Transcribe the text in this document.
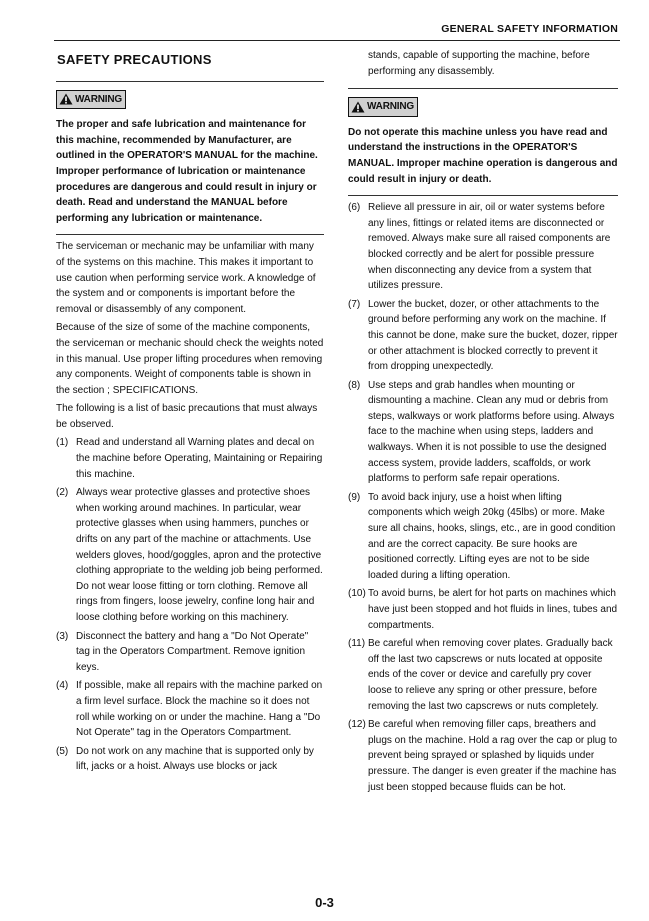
GENERAL SAFETY INFORMATION
SAFETY PRECAUTIONS
WARNING
The proper and safe lubrication and maintenance for this machine, recommended by Manufacturer, are outlined in the OPERATOR'S MANUAL for the machine.
Improper performance of lubrication or maintenance procedures are dangerous and could result in injury or death. Read and understand the MANUAL before performing any lubrication or maintenance.
The serviceman or mechanic may be unfamiliar with many of the systems on this machine. This makes it important to use caution when performing service work. A knowledge of the system and or components is important before the removal or disassembly of any component.
Because of the size of some of the machine components, the serviceman or mechanic should check the weights noted in this manual. Use proper lifting procedures when removing any components. Weight of components table is shown in the section ; SPECIFICATIONS.
The following is a list of basic precautions that must always be observed.
(1) Read and understand all Warning plates and decal on the machine before Operating, Maintaining or Repairing this machine.
(2) Always wear protective glasses and protective shoes when working around machines. In particular, wear protective glasses when using hammers, punches or drifts on any part of the machine or attachments. Use welders gloves, hood/goggles, apron and the protective clothing appropriate to the welding job being performed. Do not wear loose fitting or torn clothing. Remove all rings from fingers, loose jewelry, confine long hair and loose clothing before working on this machinery.
(3) Disconnect the battery and hang a "Do Not Operate" tag in the Operators Compartment. Remove ignition keys.
(4) If possible, make all repairs with the machine parked on a firm level surface. Block the machine so it does not roll while working on or under the machine. Hang a "Do Not Operate" tag in the Operators Compartment.
(5) Do not work on any machine that is supported only by lift, jacks or a hoist. Always use blocks or jack
stands, capable of supporting the machine, before performing any disassembly.
WARNING
Do not operate this machine unless you have read and understand the instructions in the OPERATOR'S MANUAL. Improper machine operation is dangerous and could result in injury or death.
(6) Relieve all pressure in air, oil or water systems before any lines, fittings or related items are disconnected or removed. Always make sure all raised components are blocked correctly and be alert for possible pressure when disconnecting any device from a system that utilizes pressure.
(7) Lower the bucket, dozer, or other attachments to the ground before performing any work on the machine. If this cannot be done, make sure the bucket, dozer, ripper or other attachment is blocked correctly to prevent it from dropping unexpectedly.
(8) Use steps and grab handles when mounting or dismounting a machine. Clean any mud or debris from steps, walkways or work platforms before using. Always face to the machine when using steps, ladders and walkways. When it is not possible to use the designed access system, provide ladders, scaffolds, or work platforms to perform safe repair operations.
(9) To avoid back injury, use a hoist when lifting components which weigh 20kg (45lbs) or more. Make sure all chains, hooks, slings, etc., are in good condition and are the correct capacity. Be sure hooks are positioned correctly. Lifting eyes are not to be side loaded during a lifting operation.
(10) To avoid burns, be alert for hot parts on machines which have just been stopped and hot fluids in lines, tubes and compartments.
(11) Be careful when removing cover plates. Gradually back off the last two capscrews or nuts located at opposite ends of the cover or device and carefully pry cover loose to relieve any spring or other pressure, before removing the last two capscrews or nuts completely.
(12) Be careful when removing filler caps, breathers and plugs on the machine. Hold a rag over the cap or plug to prevent being sprayed or splashed by liquids under pressure. The danger is even greater if the machine has just been stopped because fluids can be hot.
0-3
